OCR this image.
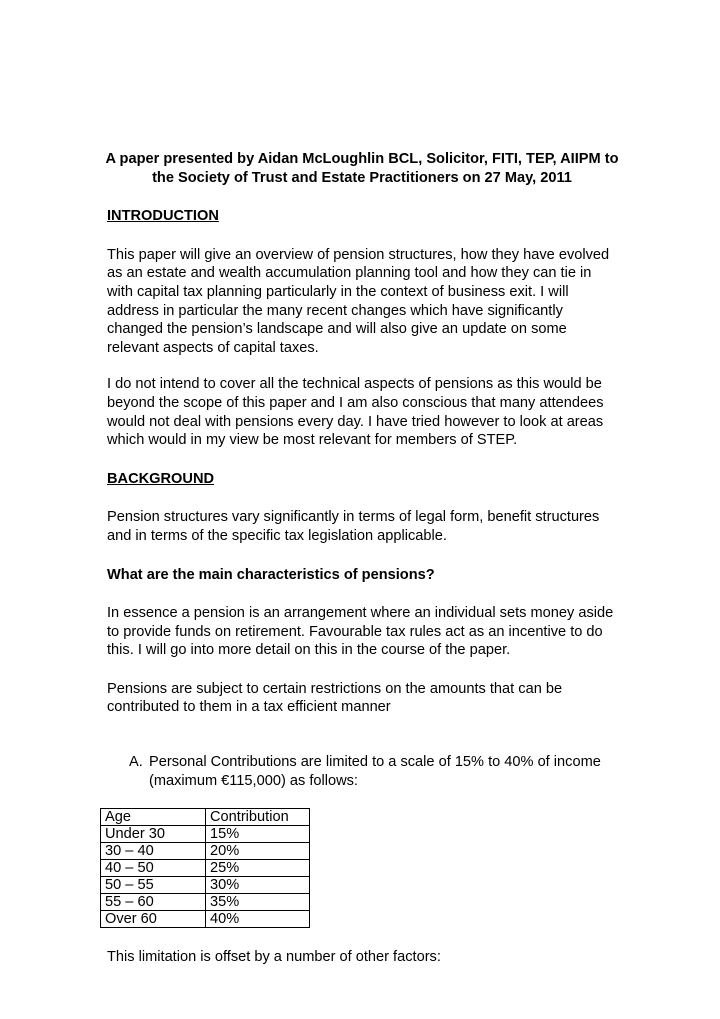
A paper presented by Aidan McLoughlin BCL, Solicitor, FITI, TEP, AIIPM to the Society of Trust and Estate Practitioners on 27 May, 2011

INTRODUCTION

This paper will give an overview of pension structures, how they have evolved as an estate and wealth accumulation planning tool and how they can tie in with capital tax planning particularly in the context of business exit. I will address in particular the many recent changes which have significantly changed the pension’s landscape and will also give an update on some relevant aspects of capital taxes.

I do not intend to cover all the technical aspects of pensions as this would be beyond the scope of this paper and I am also conscious that many attendees would not deal with pensions every day. I have tried however to look at areas which would in my view be most relevant for members of STEP.

BACKGROUND

Pension structures vary significantly in terms of legal form, benefit structures and in terms of the specific tax legislation applicable.

What are the main characteristics of pensions?

In essence a pension is an arrangement where an individual sets money aside to provide funds on retirement. Favourable tax rules act as an incentive to do this. I will go into more detail on this in the course of the paper.

Pensions are subject to certain restrictions on the amounts that can be contributed to them in a tax efficient manner

A. Personal Contributions are limited to a scale of 15% to 40% of income (maximum €115,000) as follows:
Age	Contribution
Under 30	15%
30 – 40	20%
40 – 50	25%
50 – 55	30%
55 – 60	35%
Over 60	40%

This limitation is offset by a number of other factors:
